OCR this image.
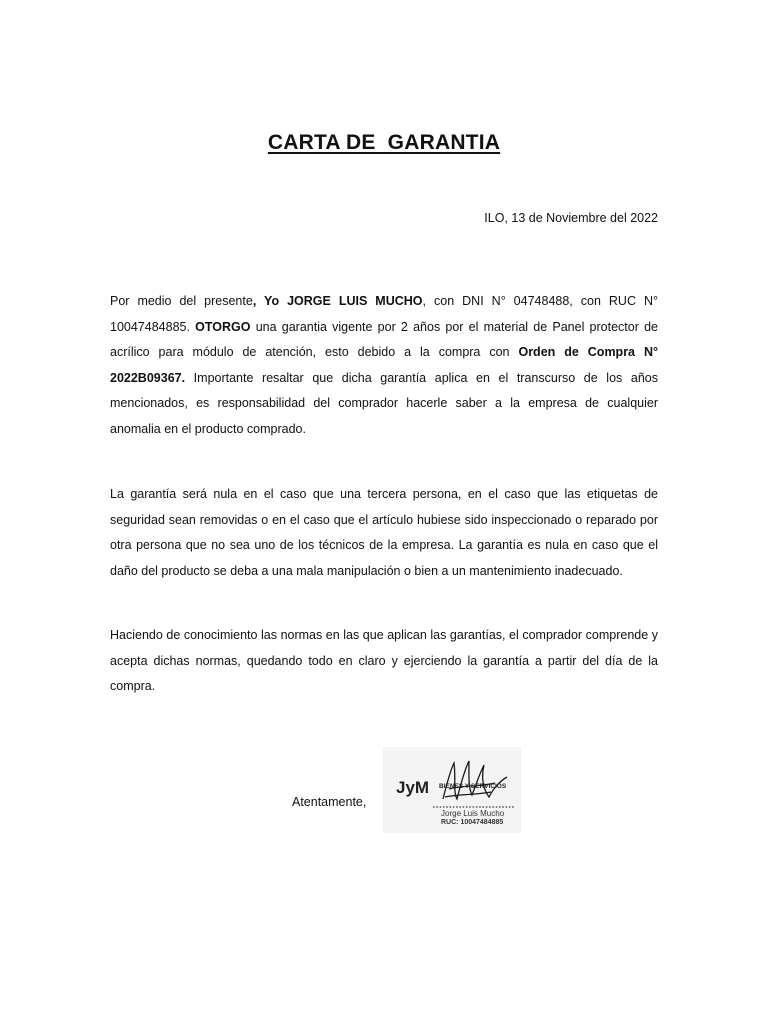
CARTA DE  GARANTIA
ILO, 13 de Noviembre del 2022

Por medio del presente, Yo JORGE LUIS MUCHO, con DNI N° 04748488, con RUC N° 10047484885. OTORGO una garantia vigente por 2 años por el material de Panel protector de acrílico para módulo de atención, esto debido a la compra con Orden de Compra N° 2022B09367. Importante resaltar que dicha garantía aplica en el transcurso de los años mencionados, es responsabilidad del comprador hacerle saber a la empresa de cualquier anomalia en el producto comprado.

La garantía será nula en el caso que una tercera persona, en el caso que las etiquetas de seguridad sean removidas o en el caso que el artículo hubiese sido inspeccionado o reparado por otra persona que no sea uno de los técnicos de la empresa. La garantía es nula en caso que el daño del producto se deba a una mala manipulación o bien a un mantenimiento inadecuado.

Haciendo de conocimiento las normas en las que aplican las garantías, el comprador comprende y acepta dichas normas, quedando todo en claro y ejerciendo la garantía a partir del día de la compra.

Atentamente,
JyM BIENES Y SERVICIOS
Jorge Luis Mucho
RUC: 10047484885
